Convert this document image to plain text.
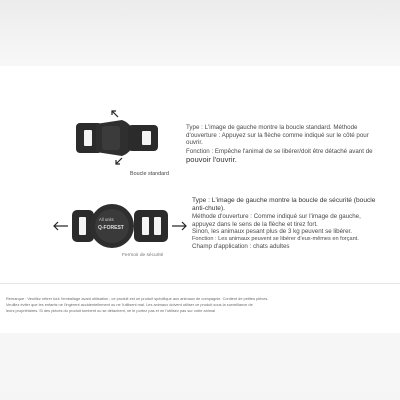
Boucle standard
Type : L'image de gauche montre la boucle standard. Méthode
d'ouverture : Appuyez sur la flèche comme indiqué sur le côté pour
ouvrir.
Fonction : Empêche l'animal de se libérer/doit être détaché avant de
pouvoir l'ouvrir.
All units
Q-FOREST
Fermoir de sécurité
Type : L'image de gauche montre la boucle de sécurité (boucle
anti-chute).
Méthode d'ouverture : Comme indiqué sur l'image de gauche,
appuyez dans le sens de la flèche et tirez fort.
Sinon, les animaux pesant plus de 3 kg peuvent se libérer.
Fonction : Les animaux peuvent se libérer d'eux-mêmes en forçant.
Champ d'application : chats adultes
Remarque : Veuillez retirer tout l'emballage avant utilisation ; ce produit est un produit spécifique aux animaux de compagnie. Contient de petites pièces.
Veuillez éviter que les enfants ne l'ingèrent accidentellement ou ne l'utilisent mal. Les animaux doivent utiliser ce produit sous la surveillance de
leurs propriétaires. Si des pièces du produit tombent ou se détachent, ne le portez pas et ne l'utilisez pas sur votre animal
